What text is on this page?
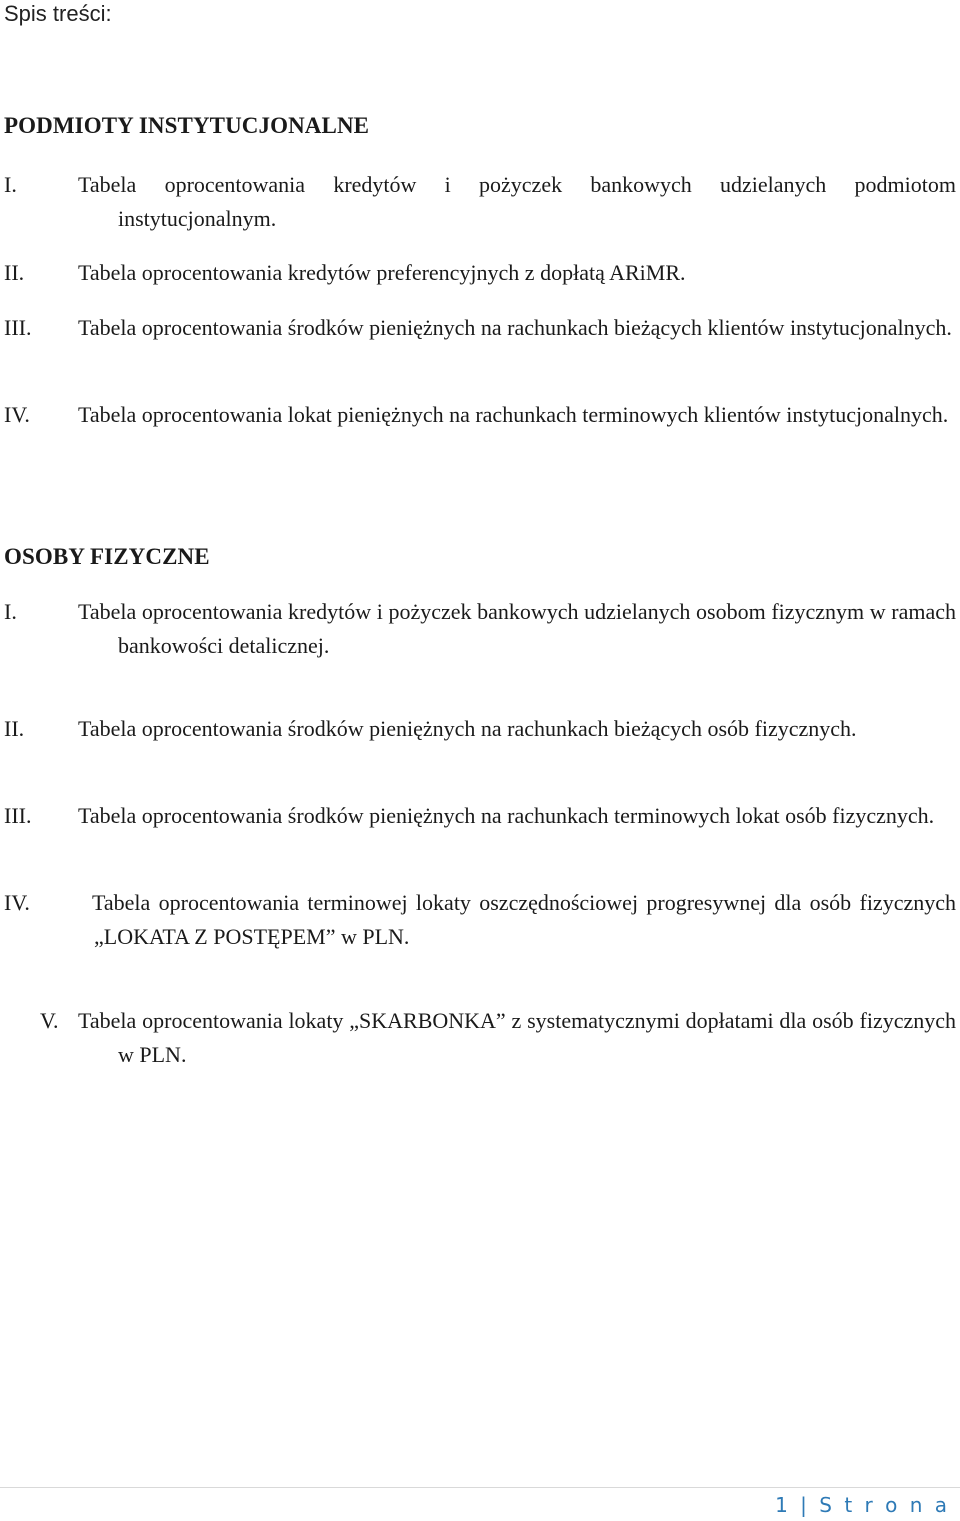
Spis treści:
PODMIOTY INSTYTUCJONALNE
I.	Tabela oprocentowania kredytów i pożyczek bankowych udzielanych podmiotom instytucjonalnym.
II.	Tabela oprocentowania kredytów preferencyjnych z dopłatą ARiMR.
III.	Tabela oprocentowania środków pieniężnych na rachunkach bieżących klientów instytucjonalnych.
IV.	Tabela oprocentowania lokat pieniężnych na rachunkach terminowych klientów instytucjonalnych.
OSOBY FIZYCZNE
I.	Tabela oprocentowania kredytów i pożyczek bankowych udzielanych osobom fizycznym w ramach bankowości detalicznej.
II.	Tabela oprocentowania środków pieniężnych na rachunkach bieżących osób fizycznych.
III.	Tabela oprocentowania środków pieniężnych na rachunkach terminowych lokat osób fizycznych.
IV.	Tabela oprocentowania terminowej lokaty oszczędnościowej progresywnej dla osób fizycznych „LOKATA Z POSTĘPEM” w PLN.
V. Tabela oprocentowania lokaty „SKARBONKA” z systematycznymi dopłatami dla osób fizycznych w PLN.
1 | S t r o n a
